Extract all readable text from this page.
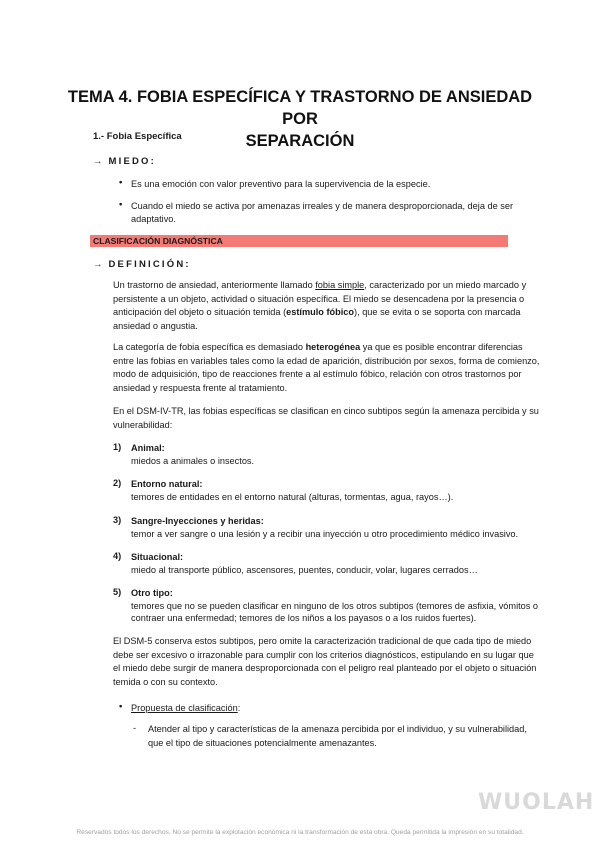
TEMA 4. FOBIA ESPECÍFICA Y TRASTORNO DE ANSIEDAD POR
SEPARACIÓN
1.- Fobia Específica
→ MIEDO:
• Es una emoción con valor preventivo para la supervivencia de la especie.
• Cuando el miedo se activa por amenazas irreales y de manera desproporcionada, deja de ser adaptativo.
CLASIFICACIÓN DIAGNÓSTICA
→ DEFINICIÓN:

Un trastorno de ansiedad, anteriormente llamado fobia simple, caracterizado por un miedo marcado y persistente a un objeto, actividad o situación específica. El miedo se desencadena por la presencia o anticipación del objeto o situación temida (estímulo fóbico), que se evita o se soporta con marcada ansiedad o angustia.

La categoría de fobia específica es demasiado heterogénea ya que es posible encontrar diferencias entre las fobias en variables tales como la edad de aparición, distribución por sexos, forma de comienzo, modo de adquisición, tipo de reacciones frente a al estímulo fóbico, relación con otros trastornos por ansiedad y respuesta frente al tratamiento.

En el DSM-IV-TR, las fobias específicas se clasifican en cinco subtipos según la amenaza percibida y su vulnerabilidad:

1) Animal:
miedos a animales o insectos.
2) Entorno natural:
temores de entidades en el entorno natural (alturas, tormentas, agua, rayos…).
3) Sangre-Inyecciones y heridas:
temor a ver sangre o una lesión y a recibir una inyección u otro procedimiento médico invasivo.
4) Situacional:
miedo al transporte público, ascensores, puentes, conducir, volar, lugares cerrados…
5) Otro tipo:
temores que no se pueden clasificar en ninguno de los otros subtipos (temores de asfixia, vómitos o contraer una enfermedad; temores de los niños a los payasos o a los ruidos fuertes).

El DSM-5 conserva estos subtipos, pero omite la caracterización tradicional de que cada tipo de miedo debe ser excesivo o irrazonable para cumplir con los criterios diagnósticos, estipulando en su lugar que el miedo debe surgir de manera desproporcionada con el peligro real planteado por el objeto o situación temida o con su contexto.

• Propuesta de clasificación:
- Atender al tipo y características de la amenaza percibida por el individuo, y su vulnerabilidad, que el tipo de situaciones potencialmente amenazantes.
WUOLAH
Reservados todos los derechos. No se permite la explotación económica ni la transformación de esta obra. Queda permitida la impresión en su totalidad.
